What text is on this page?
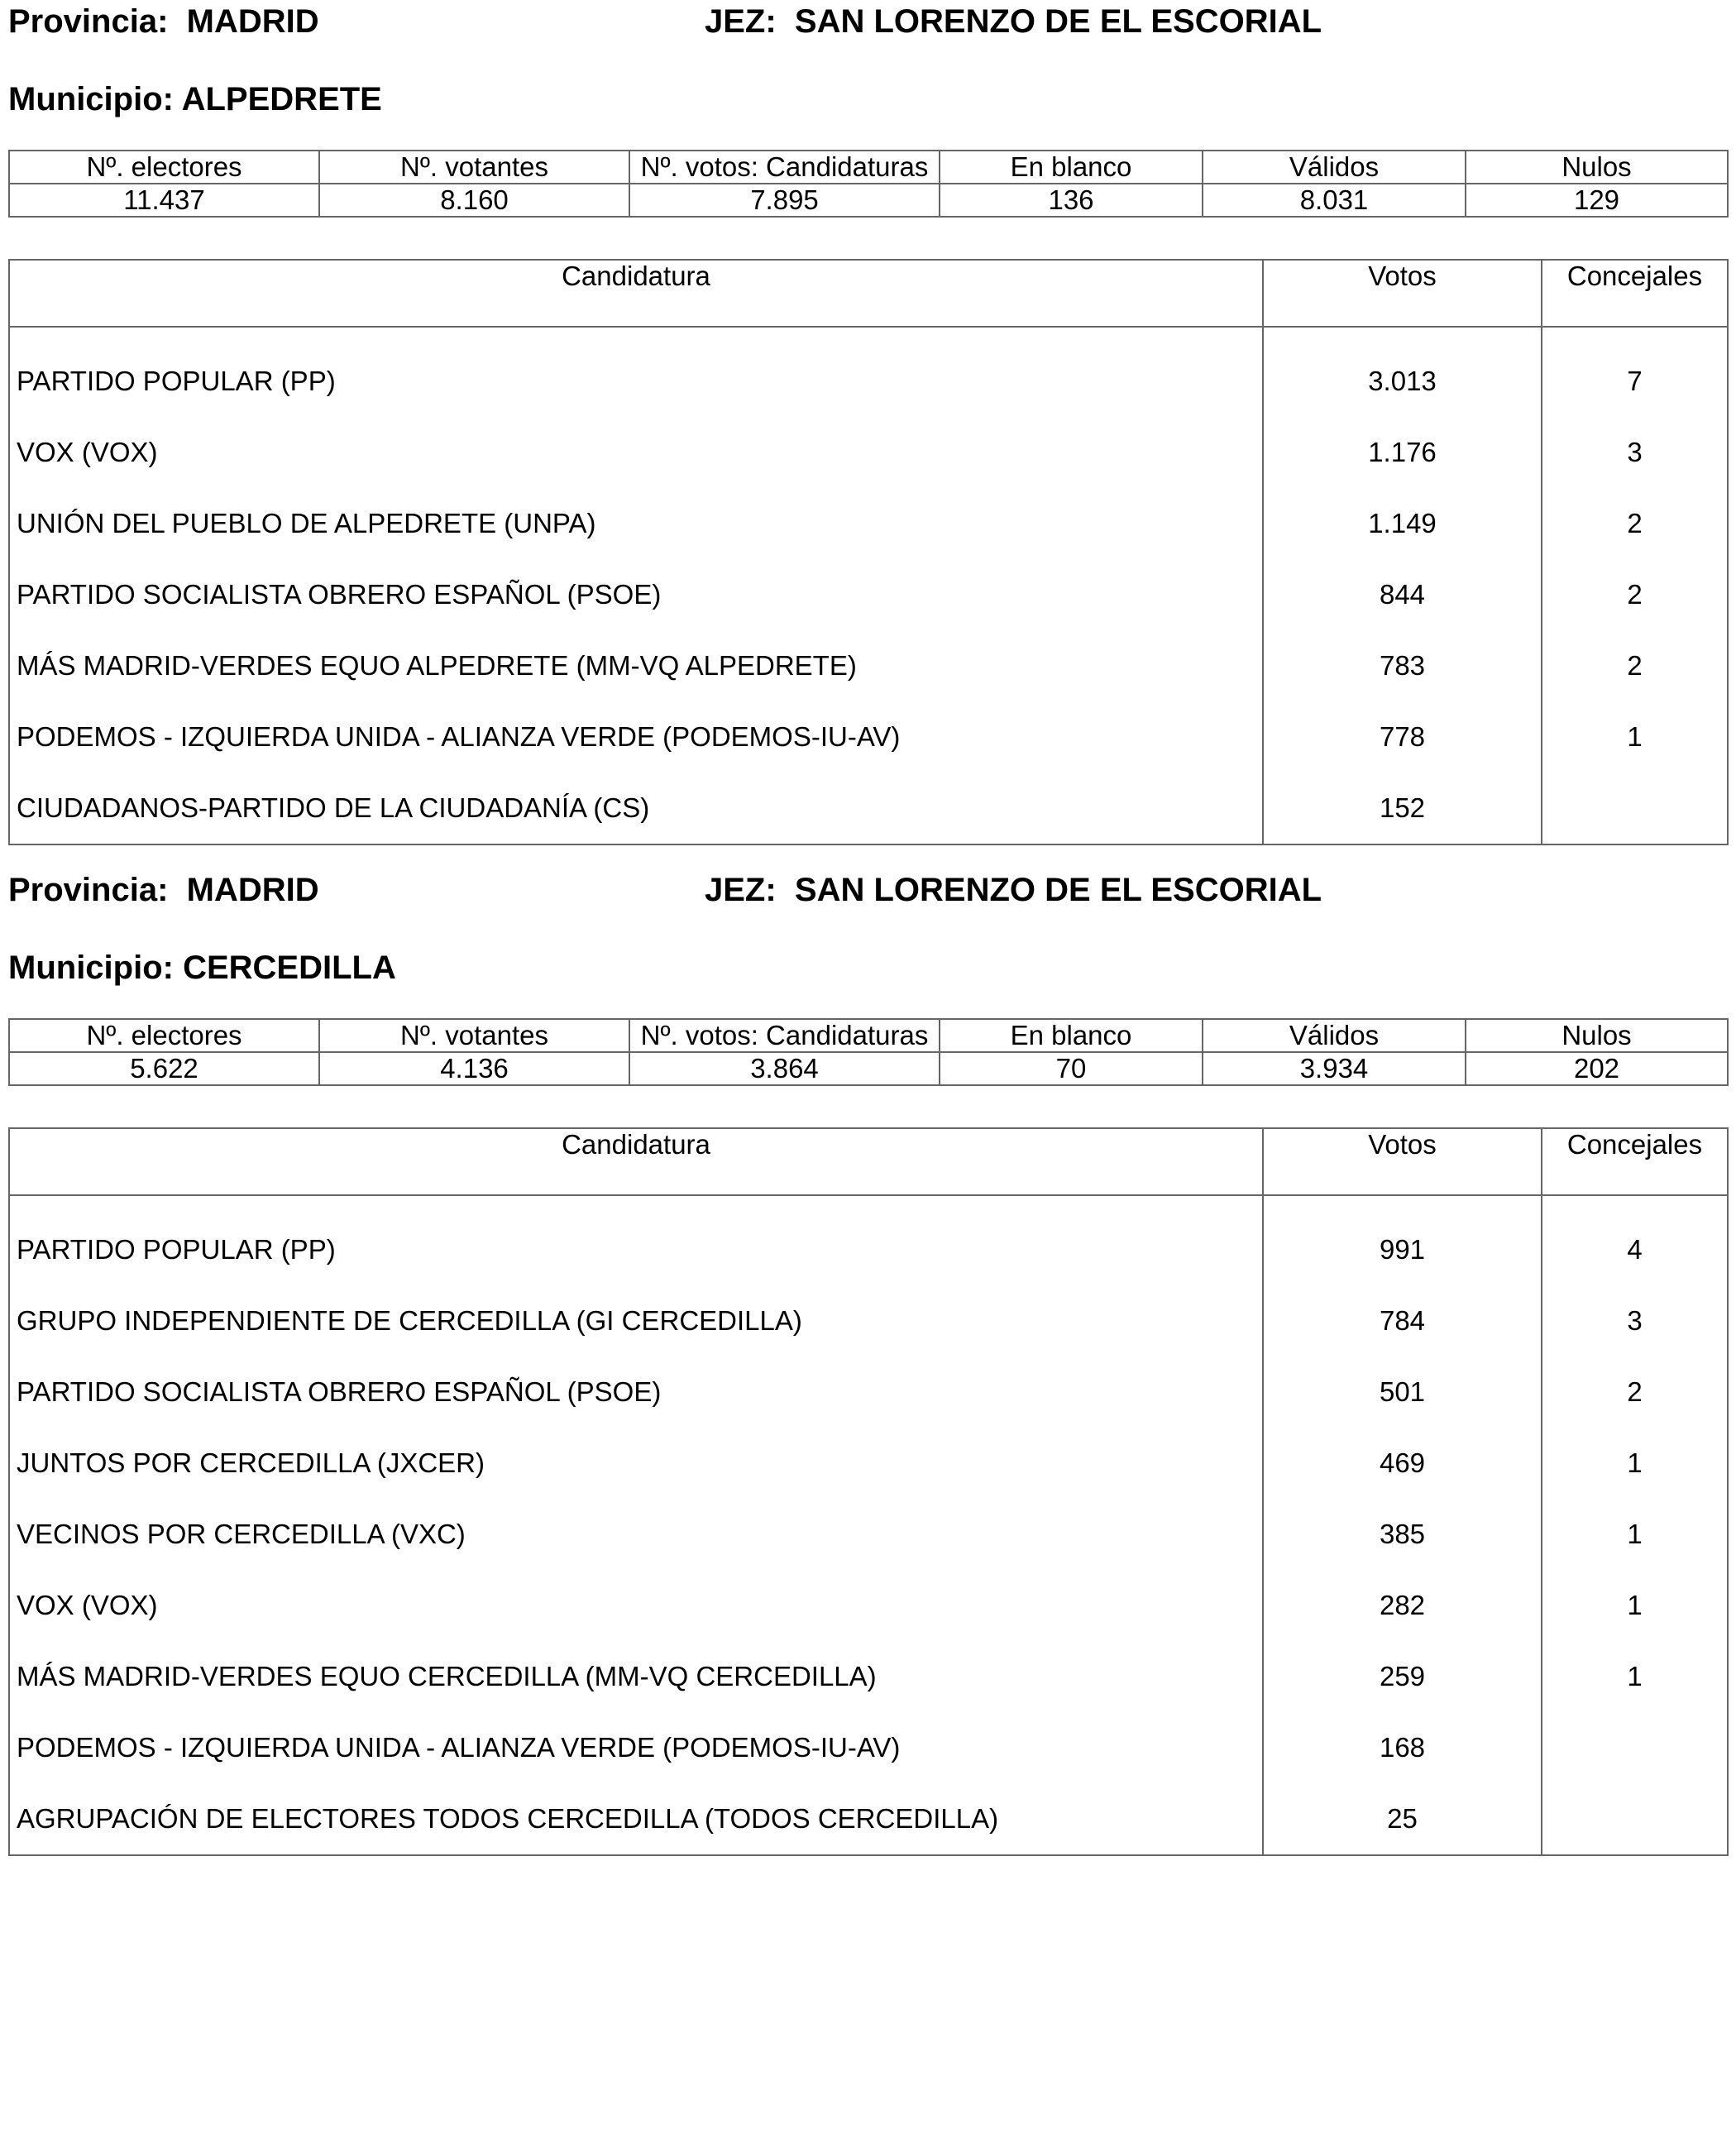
Provincia: MADRID	JEZ: SAN LORENZO DE EL ESCORIAL
Municipio: ALPEDRETE
Nº. electores	Nº. votantes	Nº. votos: Candidaturas	En blanco	Válidos	Nulos
11.437	8.160	7.895	136	8.031	129
Candidatura	Votos	Concejales

PARTIDO POPULAR (PP)	3.013	7
VOX (VOX)	1.176	3
UNIÓN DEL PUEBLO DE ALPEDRETE (UNPA)	1.149	2
PARTIDO SOCIALISTA OBRERO ESPAÑOL (PSOE)	844	2
MÁS MADRID-VERDES EQUO ALPEDRETE (MM-VQ ALPEDRETE)	783	2
PODEMOS - IZQUIERDA UNIDA - ALIANZA VERDE (PODEMOS-IU-AV)	778	1
CIUDADANOS-PARTIDO DE LA CIUDADANÍA (CS)	152	
Provincia: MADRID	JEZ: SAN LORENZO DE EL ESCORIAL
Municipio: CERCEDILLA
Nº. electores	Nº. votantes	Nº. votos: Candidaturas	En blanco	Válidos	Nulos
5.622	4.136	3.864	70	3.934	202
Candidatura	Votos	Concejales

PARTIDO POPULAR (PP)	991	4
GRUPO INDEPENDIENTE DE CERCEDILLA (GI CERCEDILLA)	784	3
PARTIDO SOCIALISTA OBRERO ESPAÑOL (PSOE)	501	2
JUNTOS POR CERCEDILLA (JXCER)	469	1
VECINOS POR CERCEDILLA (VXC)	385	1
VOX (VOX)	282	1
MÁS MADRID-VERDES EQUO CERCEDILLA (MM-VQ CERCEDILLA)	259	1
PODEMOS - IZQUIERDA UNIDA - ALIANZA VERDE (PODEMOS-IU-AV)	168	
AGRUPACIÓN DE ELECTORES TODOS CERCEDILLA (TODOS CERCEDILLA)	25	
